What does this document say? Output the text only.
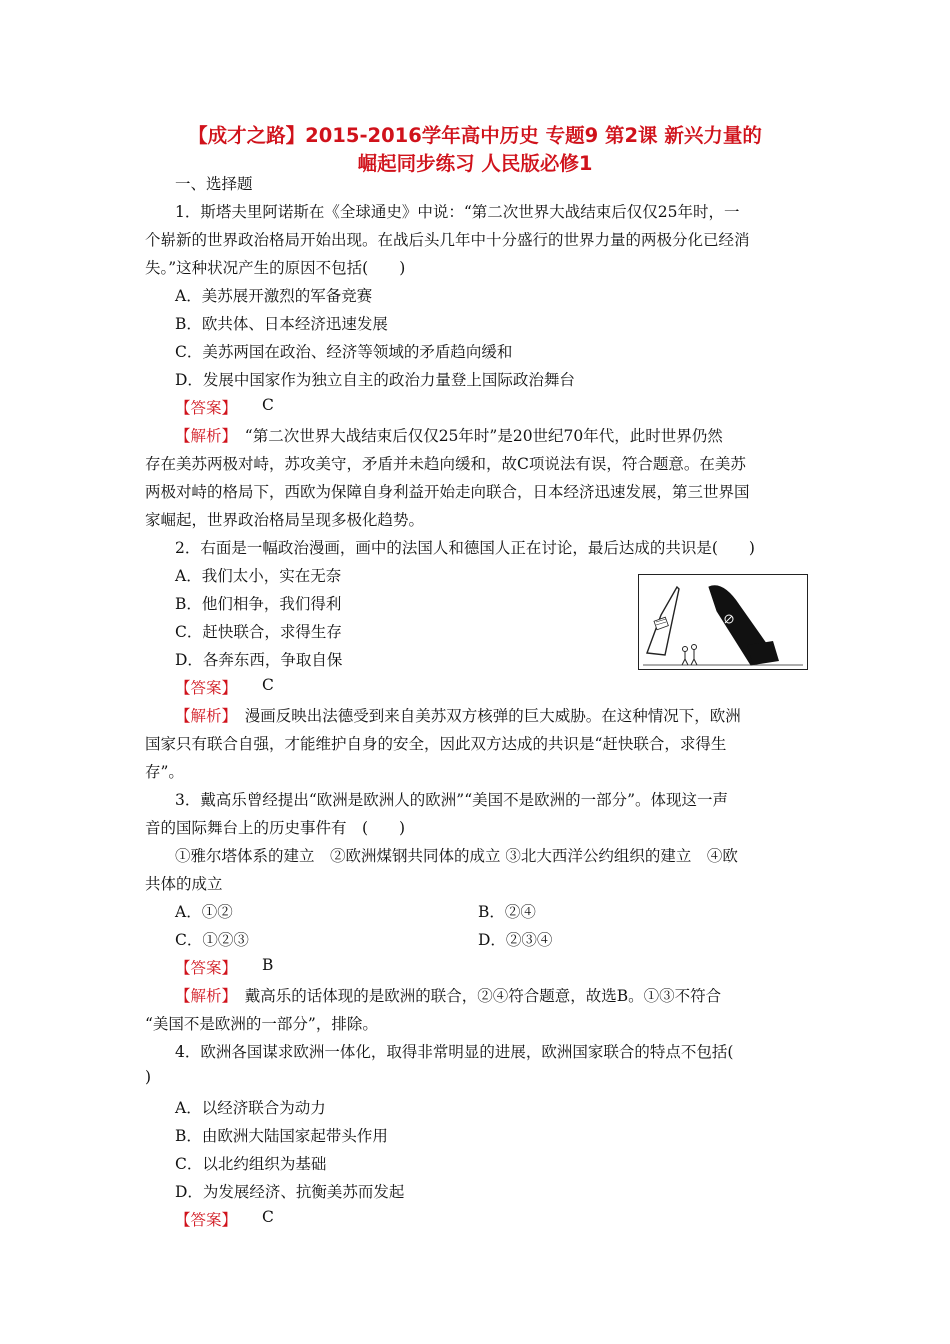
【成才之路】2015-2016学年高中历史 专题9 第2课 新兴力量的
崛起同步练习 人民版必修1
一、选择题
1．斯塔夫里阿诺斯在《全球通史》中说：“第二次世界大战结束后仅仅25年时，一
个崭新的世界政治格局开始出现。在战后头几年中十分盛行的世界力量的两极分化已经消
失。”这种状况产生的原因不包括(　　)
A．美苏展开激烈的军备竞赛
B．欧共体、日本经济迅速发展
C．美苏两国在政治、经济等领域的矛盾趋向缓和
D．发展中国家作为独立自主的政治力量登上国际政治舞台
【答案】 C
【解析】　“第二次世界大战结束后仅仅25年时”是20世纪70年代，此时世界仍然
存在美苏两极对峙，苏攻美守，矛盾并未趋向缓和，故C项说法有误，符合题意。在美苏
两极对峙的格局下，西欧为保障自身利益开始走向联合，日本经济迅速发展，第三世界国
家崛起，世界政治格局呈现多极化趋势。
2．右面是一幅政治漫画，画中的法国人和德国人正在讨论，最后达成的共识是(　　)
A．我们太小，实在无奈
B．他们相争，我们得利
C．赶快联合，求得生存
D．各奔东西，争取自保
【答案】 C
【解析】　漫画反映出法德受到来自美苏双方核弹的巨大威胁。在这种情况下，欧洲
国家只有联合自强，才能维护自身的安全，因此双方达成的共识是“赶快联合，求得生
存”。
3．戴高乐曾经提出“欧洲是欧洲人的欧洲”“美国不是欧洲的一部分”。体现这一声
音的国际舞台上的历史事件有　(　　)
①雅尔塔体系的建立　②欧洲煤钢共同体的成立 ③北大西洋公约组织的建立　④欧
共体的成立
A．①②	B．②④
C．①②③	D．②③④
【答案】 B
【解析】　戴高乐的话体现的是欧洲的联合，②④符合题意，故选B。①③不符合
“美国不是欧洲的一部分”，排除。
4．欧洲各国谋求欧洲一体化，取得非常明显的进展，欧洲国家联合的特点不包括(
)
A．以经济联合为动力
B．由欧洲大陆国家起带头作用
C．以北约组织为基础
D．为发展经济、抗衡美苏而发起
【答案】 C
